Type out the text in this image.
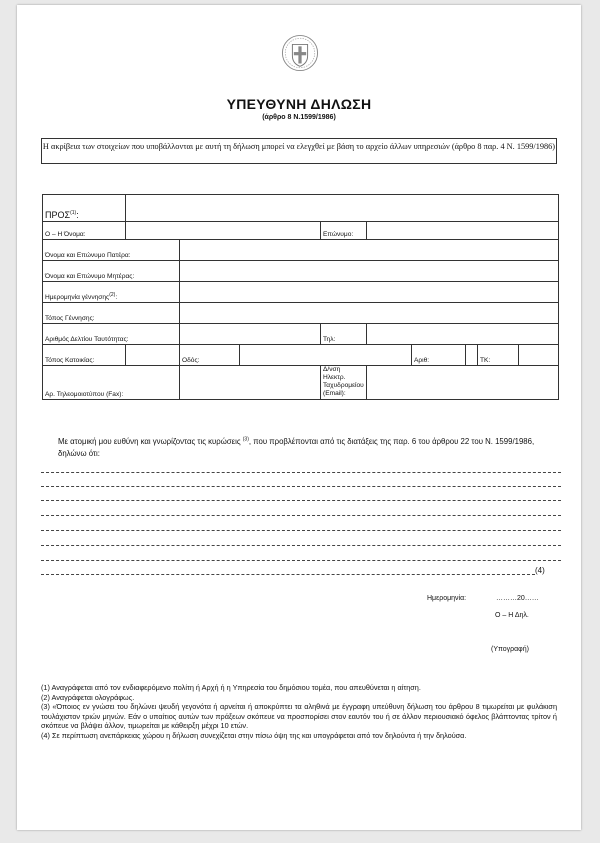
ΥΠΕΥΘΥΝΗ ΔΗΛΩΣΗ
(άρθρο 8 Ν.1599/1986)
Η ακρίβεια των στοιχείων που υποβάλλονται με αυτή τη δήλωση μπορεί να ελεγχθεί με βάση το αρχείο άλλων υπηρεσιών (άρθρο 8 παρ. 4 Ν. 1599/1986)
ΠΡΟΣ$^{(1)}$:									
Ο – Η Όνομα:				Επώνυμο:					
Όνομα και Επώνυμο Πατέρα:									
Όνομα και Επώνυμο Μητέρας:									
Ημερομηνία γέννησης$^{(2)}$:									
Τόπος Γέννησης:									
Αριθμός Δελτίου Ταυτότητας:				Τηλ:					
Τόπος Κατοικίας:		Οδός:				Αριθ:		ΤΚ:	
Αρ. Τηλεομοιοτύπου (Fax):				Δ/νση Ηλεκτρ. Ταχυδρομείου (Email):					
Με ατομική μου ευθύνη και γνωρίζοντας τις κυρώσεις $^{(3)}$, που προβλέπονται από τις διατάξεις της παρ. 6 του άρθρου 22 του Ν. 1599/1986, δηλώνω ότι:
(4)
Ημερομηνία:	………20……
Ο – Η Δηλ.
(Υπογραφή)

(1) Αναγράφεται από τον ενδιαφερόμενο πολίτη ή Αρχή ή η Υπηρεσία του δημόσιου τομέα, που απευθύνεται η αίτηση.

(2) Αναγράφεται ολογράφως.

(3) «Όποιος εν γνώσει του δηλώνει ψευδή γεγονότα ή αρνείται ή αποκρύπτει τα αληθινά με έγγραφη υπεύθυνη δήλωση του άρθρου 8 τιμωρείται με φυλάκιση τουλάχιστον τριών μηνών. Εάν ο υπαίτιος αυτών των πράξεων σκόπευε να προσπορίσει στον εαυτόν του ή σε άλλον περιουσιακό όφελος βλάπτοντας τρίτον ή σκόπευε να βλάψει άλλον, τιμωρείται με κάθειρξη μέχρι 10 ετών.

(4) Σε περίπτωση ανεπάρκειας χώρου η δήλωση συνεχίζεται στην πίσω όψη της και υπογράφεται από τον δηλούντα ή την δηλούσα.
